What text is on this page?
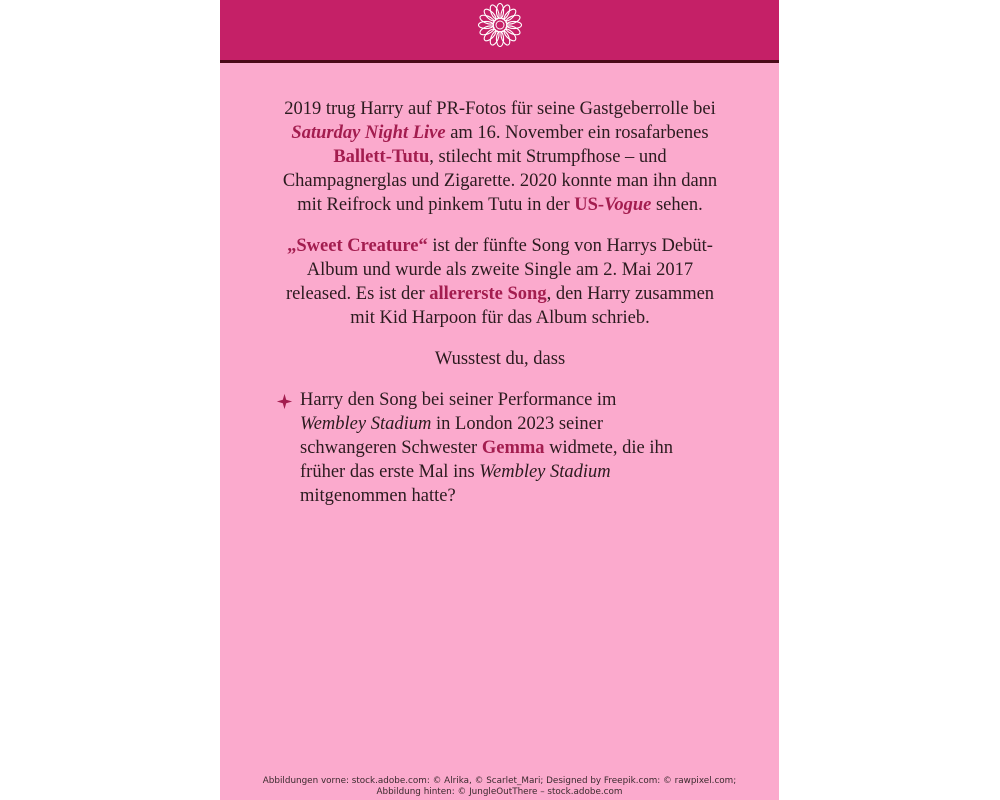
2019 trug Harry auf PR-Fotos für seine Gastgeberrolle bei Saturday Night Live am 16. November ein rosafarbenes Ballett-Tutu, stilecht mit Strumpfhose – und Champagnerglas und Zigarette. 2020 konnte man ihn dann mit Reifrock und pinkem Tutu in der US-Vogue sehen.

„Sweet Creature“ ist der fünfte Song von Harrys Debüt-Album und wurde als zweite Single am 2. Mai 2017 released. Es ist der allererste Song, den Harry zusammen mit Kid Harpoon für das Album schrieb.

Wusstest du, dass

Harry den Song bei seiner Performance im Wembley Stadium in London 2023 seiner schwangeren Schwester Gemma widmete, die ihn früher das erste Mal ins Wembley Stadium mitgenommen hatte?
Abbildungen vorne: stock.adobe.com: © Alrika, © Scarlet_Mari; Designed by Freepik.com: © rawpixel.com;
Abbildung hinten: © JungleOutThere – stock.adobe.com
